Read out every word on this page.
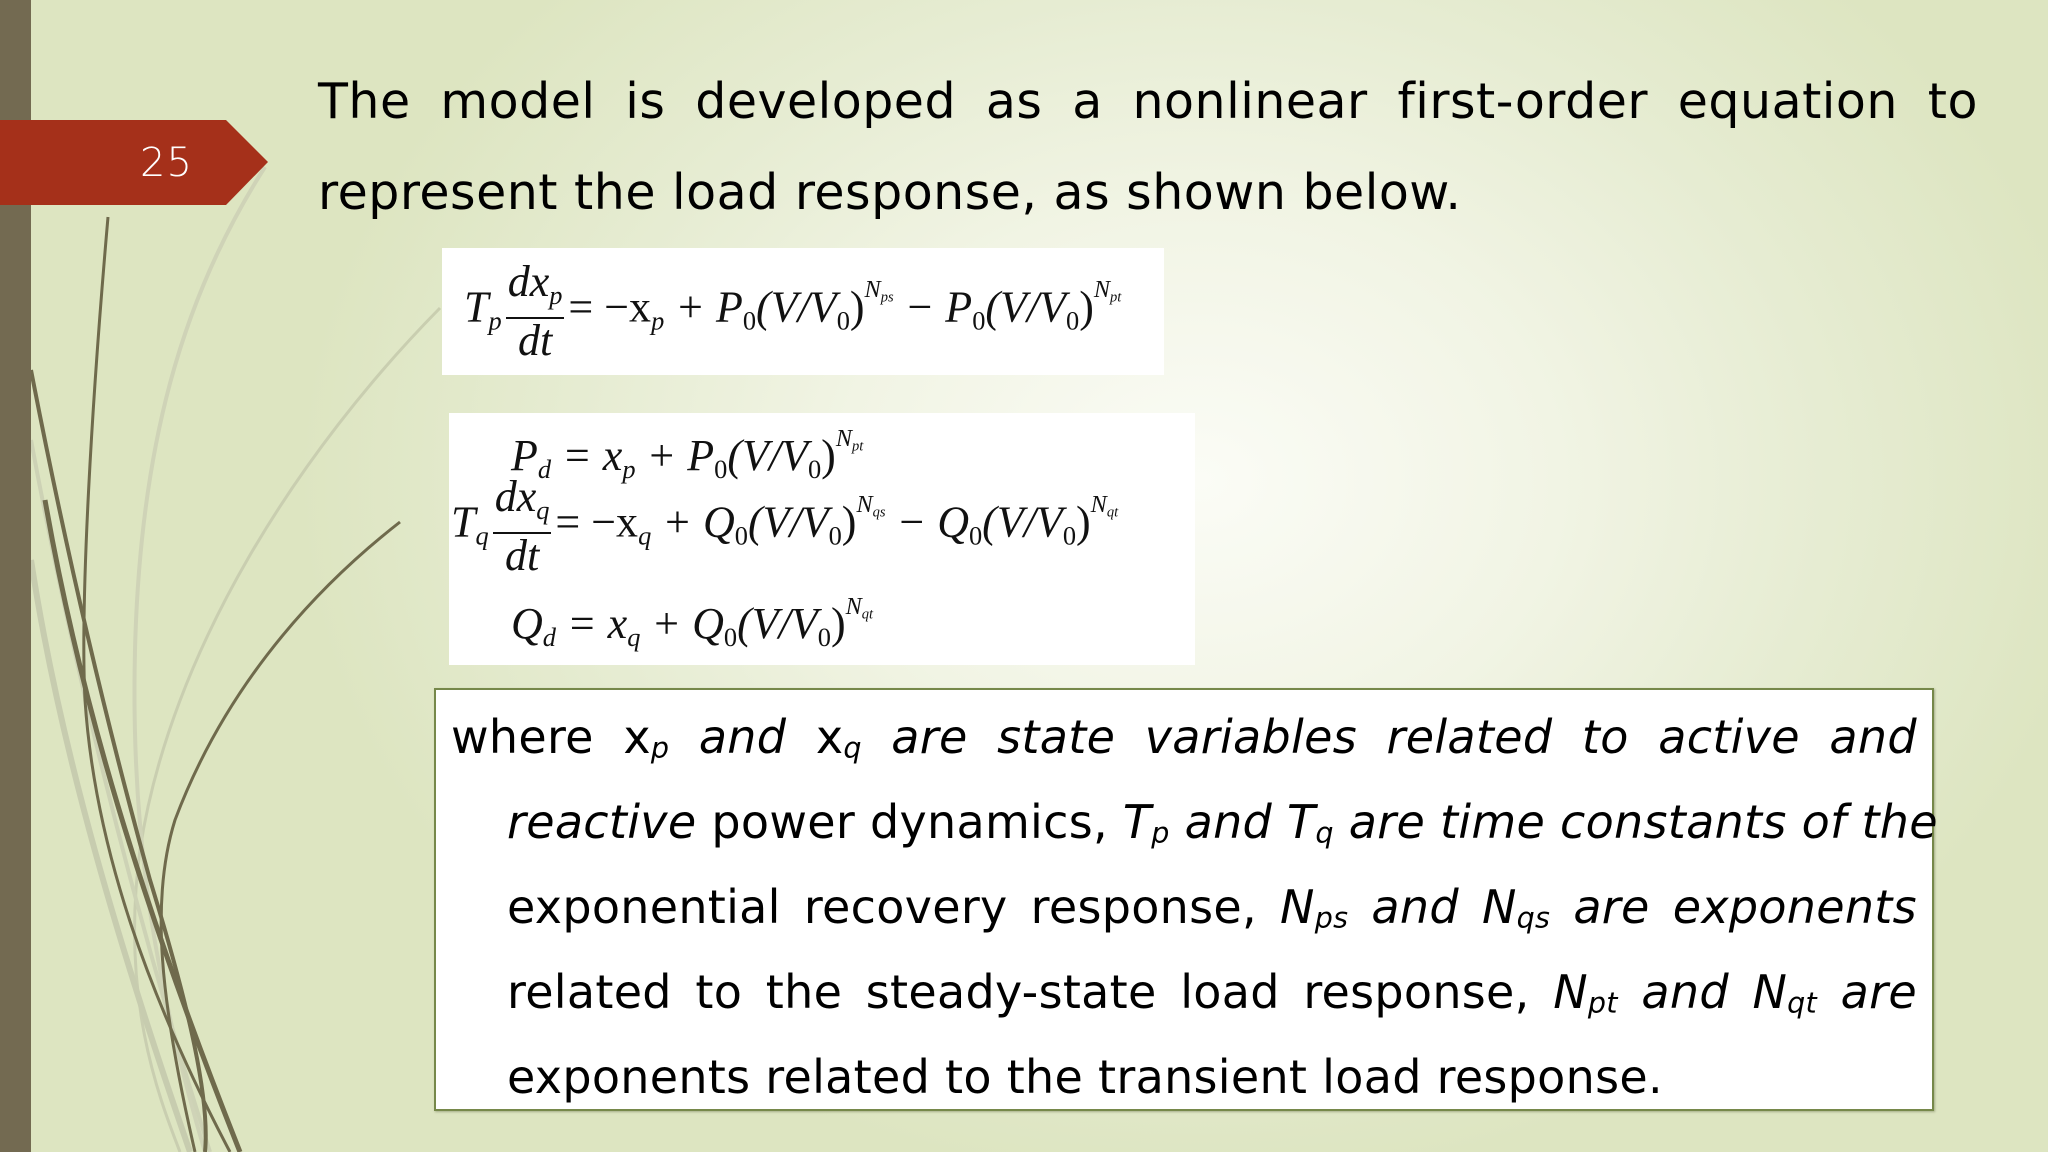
25
The model is developed as a nonlinear first-order equation to
represent the load response, as shown below.
$T_p \frac{dx_p}{dt} = -x_p + P_0(V/V_0)^{N_{ps}} - P_0(V/V_0)^{N_{pt}}$
$P_d = x_p + P_0(V/V_0)^{N_{pt}}$
$T_q \frac{dx_q}{dt} = -x_q + Q_0(V/V_0)^{N_{qs}} - Q_0(V/V_0)^{N_{qt}}$
$Q_d = x_q + Q_0(V/V_0)^{N_{qt}}$
where xp and xq are state variables related to active and
reactive power dynamics, Tp and Tq are time constants of the
exponential recovery response, Nps and Nqs are exponents
related to the steady-state load response, Npt and Nqt are
exponents related to the transient load response.
